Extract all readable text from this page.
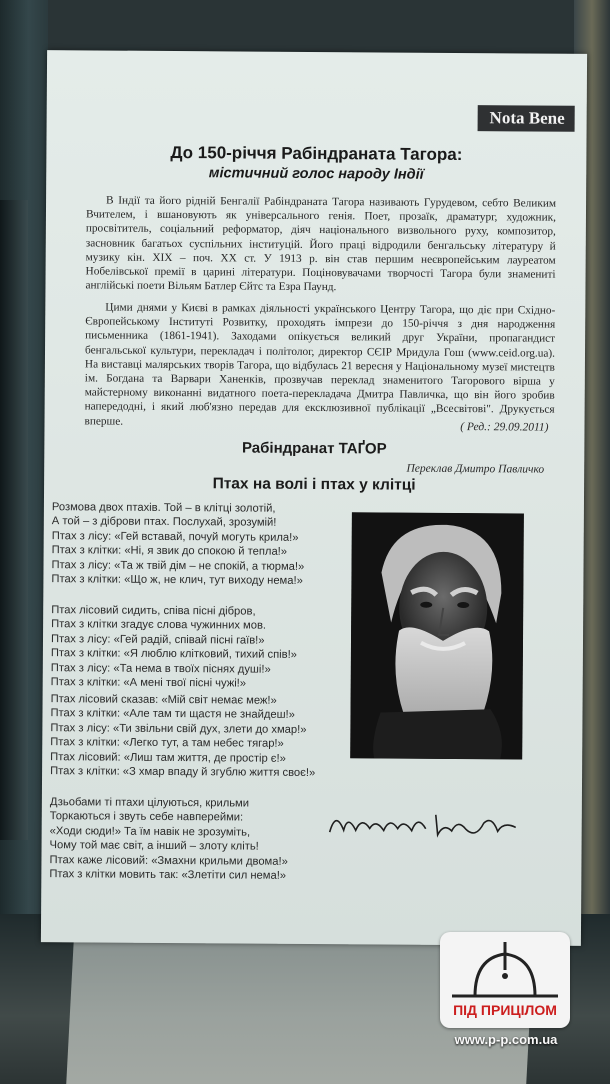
Nota Bene
До 150-річчя Рабіндраната Тагора:
містичний голос народу Індії
В Індії та його рідній Бенгалії Рабіндраната Тагора називають Гурудевом, себто Великим Вчителем, і вшановують як універсального генія. Поет, прозаїк, драматург, художник, просвітитель, соціальний реформатор, діяч національного визвольного руху, композитор, засновник багатьох суспільних інституцій. Його праці відродили бенгальську літературу й музику кін. XIX – поч. XX ст. У 1913 р. він став першим неєвропейським лауреатом Нобелівської премії в царині літератури. Поціновувачами творчості Тагора були знамениті англійські поети Вільям Батлер Єйтс та Езра Паунд.
Цими днями у Києві в рамках діяльності українського Центру Тагора, що діє при Східно-Європейському Інституті Розвитку, проходять імпрези до 150-річчя з дня народження письменника (1861-1941). Заходами опікується великий друг України, пропагандист бенгальської культури, перекладач і політолог, директор СЄІР Мридула Гош (www.ceid.org.ua). На виставці малярських творів Тагора, що відбулась 21 вересня у Національному музеї мистецтв ім. Богдана та Варвари Ханенків, прозвучав переклад знаменитого Тагорового вірша у майстерному виконанні видатного поета-перекладача Дмитра Павличка, що він його зробив напередодні, і який люб'язно передав для ексклюзивної публікації „Всесвітові". Друкується вперше.	( Ред.: 29.09.2011)
Рабіндранат ТАҐОР
Переклав Дмитро Павличко
Птах на волі і птах у клітці
Розмова двох птахів. Той – в клітці золотій,
А той – з діброви птах. Послухай, зрозумій!
Птах з лісу: «Гей вставай, почуй могуть крила!»
Птах з клітки: «Ні, я звик до спокою й тепла!»
Птах з лісу: «Та ж твій дім – не спокій, а тюрма!»
Птах з клітки: «Що ж, не клич, тут виходу нема!»
Птах лісовий сидить, співа пісні дібров,
Птах з клітки згадує слова чужинних мов.
Птах з лісу: «Гей радій, співай пісні гаїв!»
Птах з клітки: «Я люблю клітковий, тихий спів!»
Птах з лісу: «Та нема в твоїх піснях душі!»
Птах з клітки: «А мені твої пісні чужі!»
Птах лісовий сказав: «Мій світ немає меж!»
Птах з клітки: «Але там ти щастя не знайдеш!»
Птах з лісу: «Ти звільни свій дух, злети до хмар!»
Птах з клітки: «Легко тут, а там небес тягар!»
Птах лісовий: «Лиш там життя, де простір є!»
Птах з клітки: «З хмар впаду й згублю життя своє!»
Дзьобами ті птахи цілуються, крильми
Торкаються і звуть себе навперейми:
«Ходи сюди!» Та їм навік не зрозуміть,
Чому той має світ, а інший – злоту кліть!
Птах каже лісовий: «Змахни крильми двома!»
Птах з клітки мовить так: «Злетіти сил нема!»
ПІД ПРИЦІЛОМ
www.p-p.com.ua
